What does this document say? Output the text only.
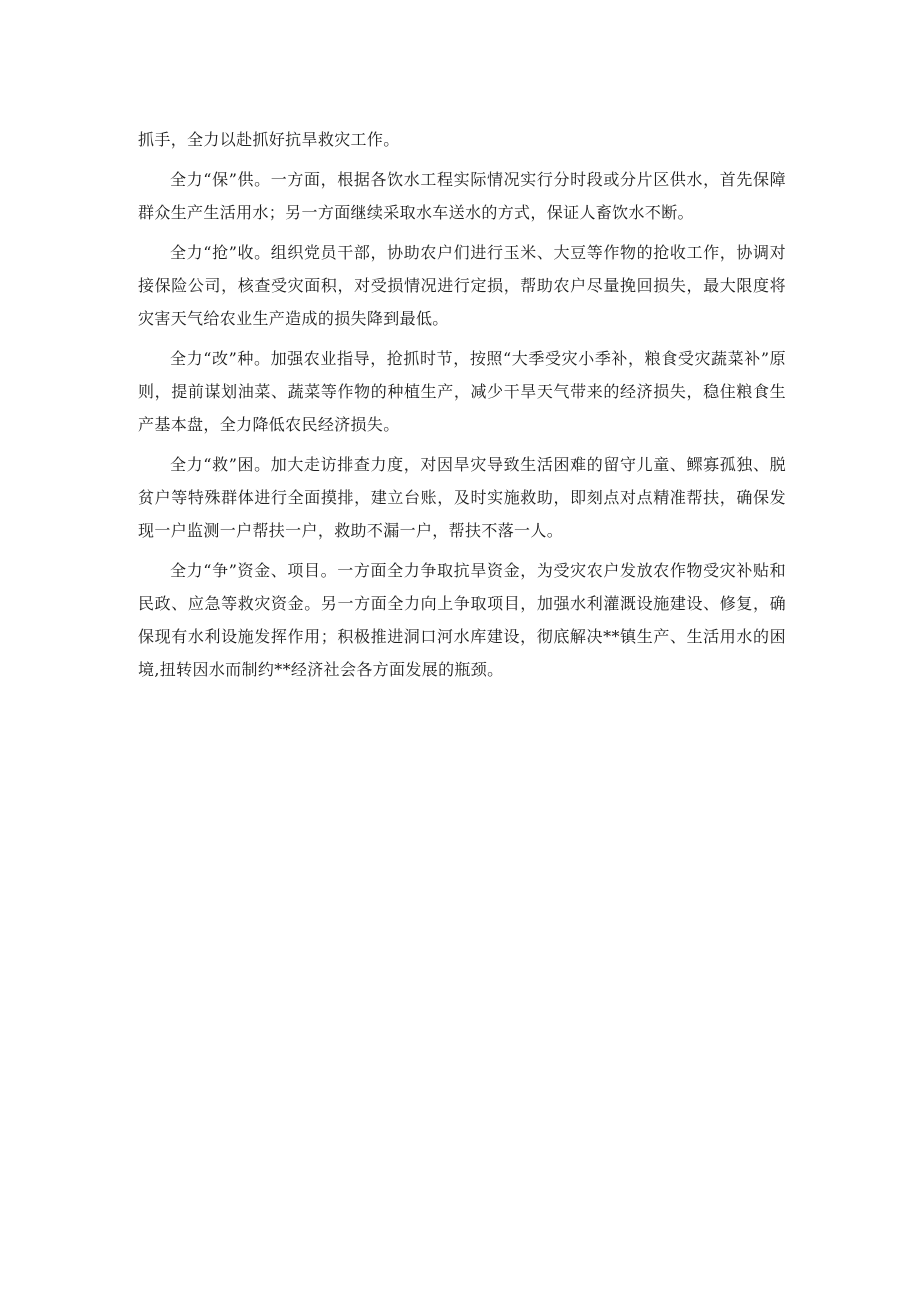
抓手，全力以赴抓好抗旱救灾工作。

全力“保”供。一方面，根据各饮水工程实际情况实行分时段或分片区供水，首先保障群众生产生活用水；另一方面继续采取水车送水的方式，保证人畜饮水不断。

全力“抢”收。组织党员干部，协助农户们进行玉米、大豆等作物的抢收工作，协调对接保险公司，核查受灾面积，对受损情况进行定损，帮助农户尽量挽回损失，最大限度将灾害天气给农业生产造成的损失降到最低。

全力“改”种。加强农业指导，抢抓时节，按照“大季受灾小季补，粮食受灾蔬菜补”原则，提前谋划油菜、蔬菜等作物的种植生产，减少干旱天气带来的经济损失，稳住粮食生产基本盘，全力降低农民经济损失。

全力“救”困。加大走访排查力度，对因旱灾导致生活困难的留守儿童、鳏寡孤独、脱贫户等特殊群体进行全面摸排，建立台账，及时实施救助，即刻点对点精准帮扶，确保发现一户监测一户帮扶一户，救助不漏一户，帮扶不落一人。

全力“争”资金、项目。一方面全力争取抗旱资金，为受灾农户发放农作物受灾补贴和民政、应急等救灾资金。另一方面全力向上争取项目，加强水利灌溉设施建设、修复，确保现有水利设施发挥作用；积极推进洞口河水库建设，彻底解决**镇生产、生活用水的困境,扭转因水而制约**经济社会各方面发展的瓶颈。
